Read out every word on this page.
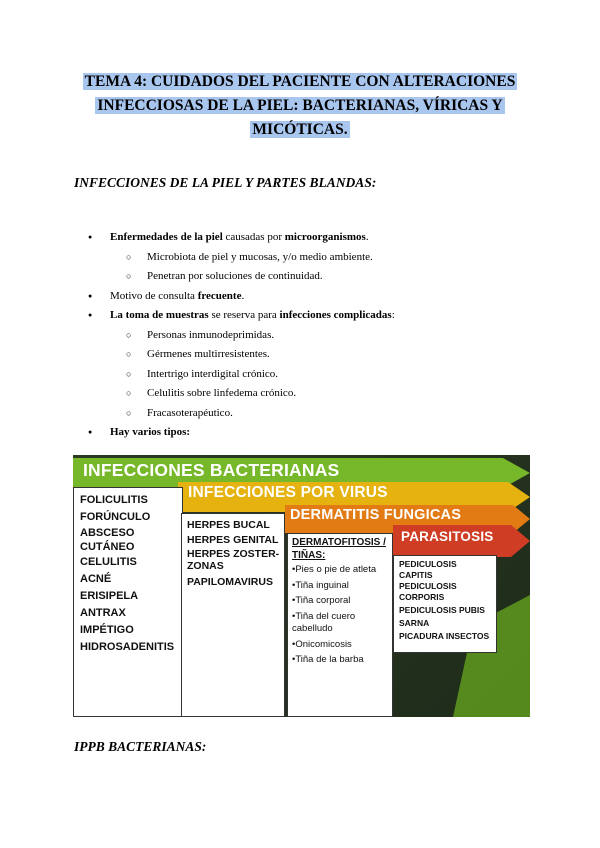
TEMA 4: CUIDADOS DEL PACIENTE CON ALTERACIONES
INFECCIOSAS DE LA PIEL: BACTERIANAS, VÍRICAS Y
MICÓTICAS.
INFECCIONES DE LA PIEL Y PARTES BLANDAS:
● Enfermedades de la piel causadas por microorganismos.
○ Microbiota de piel y mucosas, y/o medio ambiente.
○ Penetran por soluciones de continuidad.
● Motivo de consulta frecuente.
● La toma de muestras se reserva para infecciones complicadas:
○ Personas inmunodeprimidas.
○ Gérmenes multirresistentes.
○ Intertrigo interdigital crónico.
○ Celulitis sobre linfedema crónico.
○ Fracasoterapéutico.
● Hay varios tipos:
INFECCIONES BACTERIANAS
INFECCIONES POR VIRUS
DERMATITIS FUNGICAS
PARASITOSIS
FOLICULITIS
FORÚNCULO
ABSCESO CUTÁNEO
CELULITIS
ACNÉ
ERISIPELA
ANTRAX
IMPÉTIGO
HIDROSADENITIS
HERPES BUCAL
HERPES GENITAL
HERPES ZOSTER-ZONAS
PAPILOMAVIRUS
DERMATOFITOSIS / TIÑAS:
•Pies o pie de atleta
•Tiña inguinal
•Tiña corporal
•Tiña del cuero cabelludo
•Onicomicosis
•Tiña de la barba
PEDICULOSIS CAPITIS
PEDICULOSIS CORPORIS
PEDICULOSIS PUBIS
SARNA
PICADURA INSECTOS
IPPB BACTERIANAS:
